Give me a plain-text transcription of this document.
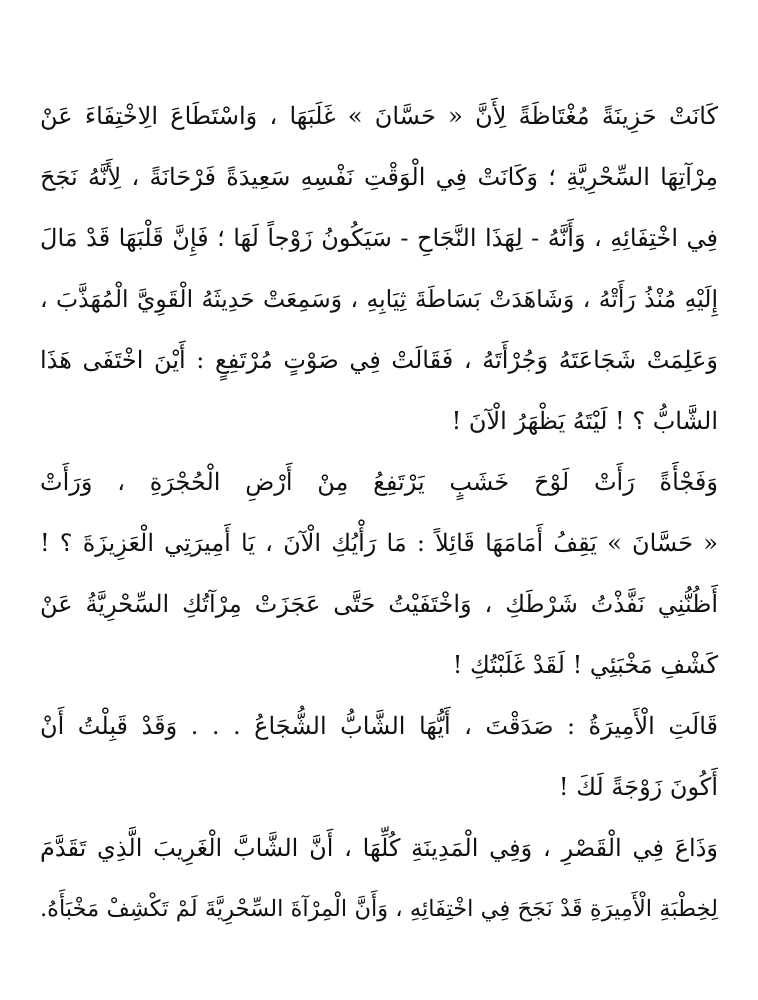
كَانَتْ حَزِينَةً مُغْتَاظَةً لِأَنَّ « حَسَّانَ » غَلَبَهَا ، وَاسْتَطَاعَ الِاخْتِفَاءَ عَنْ
مِرْآتِهَا السِّحْرِيَّةِ ؛ وَكَانَتْ فِي الْوَقْتِ نَفْسِهِ سَعِيدَةً فَرْحَانَةً ، لِأَنَّهُ نَجَحَ
فِي اخْتِفَائِهِ ، وَأَنَّهُ - لِهَذَا النَّجَاحِ - سَيَكُونُ زَوْجاً لَهَا ؛ فَإِنَّ قَلْبَهَا قَدْ مَالَ
إِلَيْهِ مُنْذُ رَأَتْهُ ، وَشَاهَدَتْ بَسَاطَةَ ثِيَابِهِ ، وَسَمِعَتْ حَدِيثَهُ الْقَوِيَّ الْمُهَذَّبَ ،
وَعَلِمَتْ شَجَاعَتَهُ وَجُرْأَتَهُ ، فَقَالَتْ فِي صَوْتٍ مُرْتَفِعٍ : أَيْنَ اخْتَفَى هَذَا
الشَّابُّ ؟ ! لَيْتَهُ يَظْهَرُ الْآنَ !

وَفَجْأَةً رَأَتْ لَوْحَ خَشَبٍ يَرْتَفِعُ مِنْ أَرْضِ الْحُجْرَةِ ، وَرَأَتْ
« حَسَّانَ » يَقِفُ أَمَامَهَا قَائِلاً : مَا رَأْيُكِ الْآنَ ، يَا أَمِيرَتِي الْعَزِيزَةَ ؟ !
أَظُنُّنِي نَفَّذْتُ شَرْطَكِ ، وَاخْتَفَيْتُ حَتَّى عَجَزَتْ مِرْآتُكِ السِّحْرِيَّةُ عَنْ
كَشْفِ مَخْبَئِي ! لَقَدْ غَلَبْتُكِ !

قَالَتِ الْأَمِيرَةُ : صَدَقْتَ ، أَيُّهَا الشَّابُّ الشُّجَاعُ . . . وَقَدْ قَبِلْتُ أَنْ
أَكُونَ زَوْجَةً لَكَ !

وَذَاعَ فِي الْقَصْرِ ، وَفِي الْمَدِينَةِ كُلِّهَا ، أَنَّ الشَّابَّ الْغَرِيبَ الَّذِي تَقَدَّمَ
لِخِطْبَةِ الْأَمِيرَةِ قَدْ نَجَحَ فِي اخْتِفَائِهِ ، وَأَنَّ الْمِرْآةَ السِّحْرِيَّةَ لَمْ تَكْشِفْ مَخْبَأَهُ.
